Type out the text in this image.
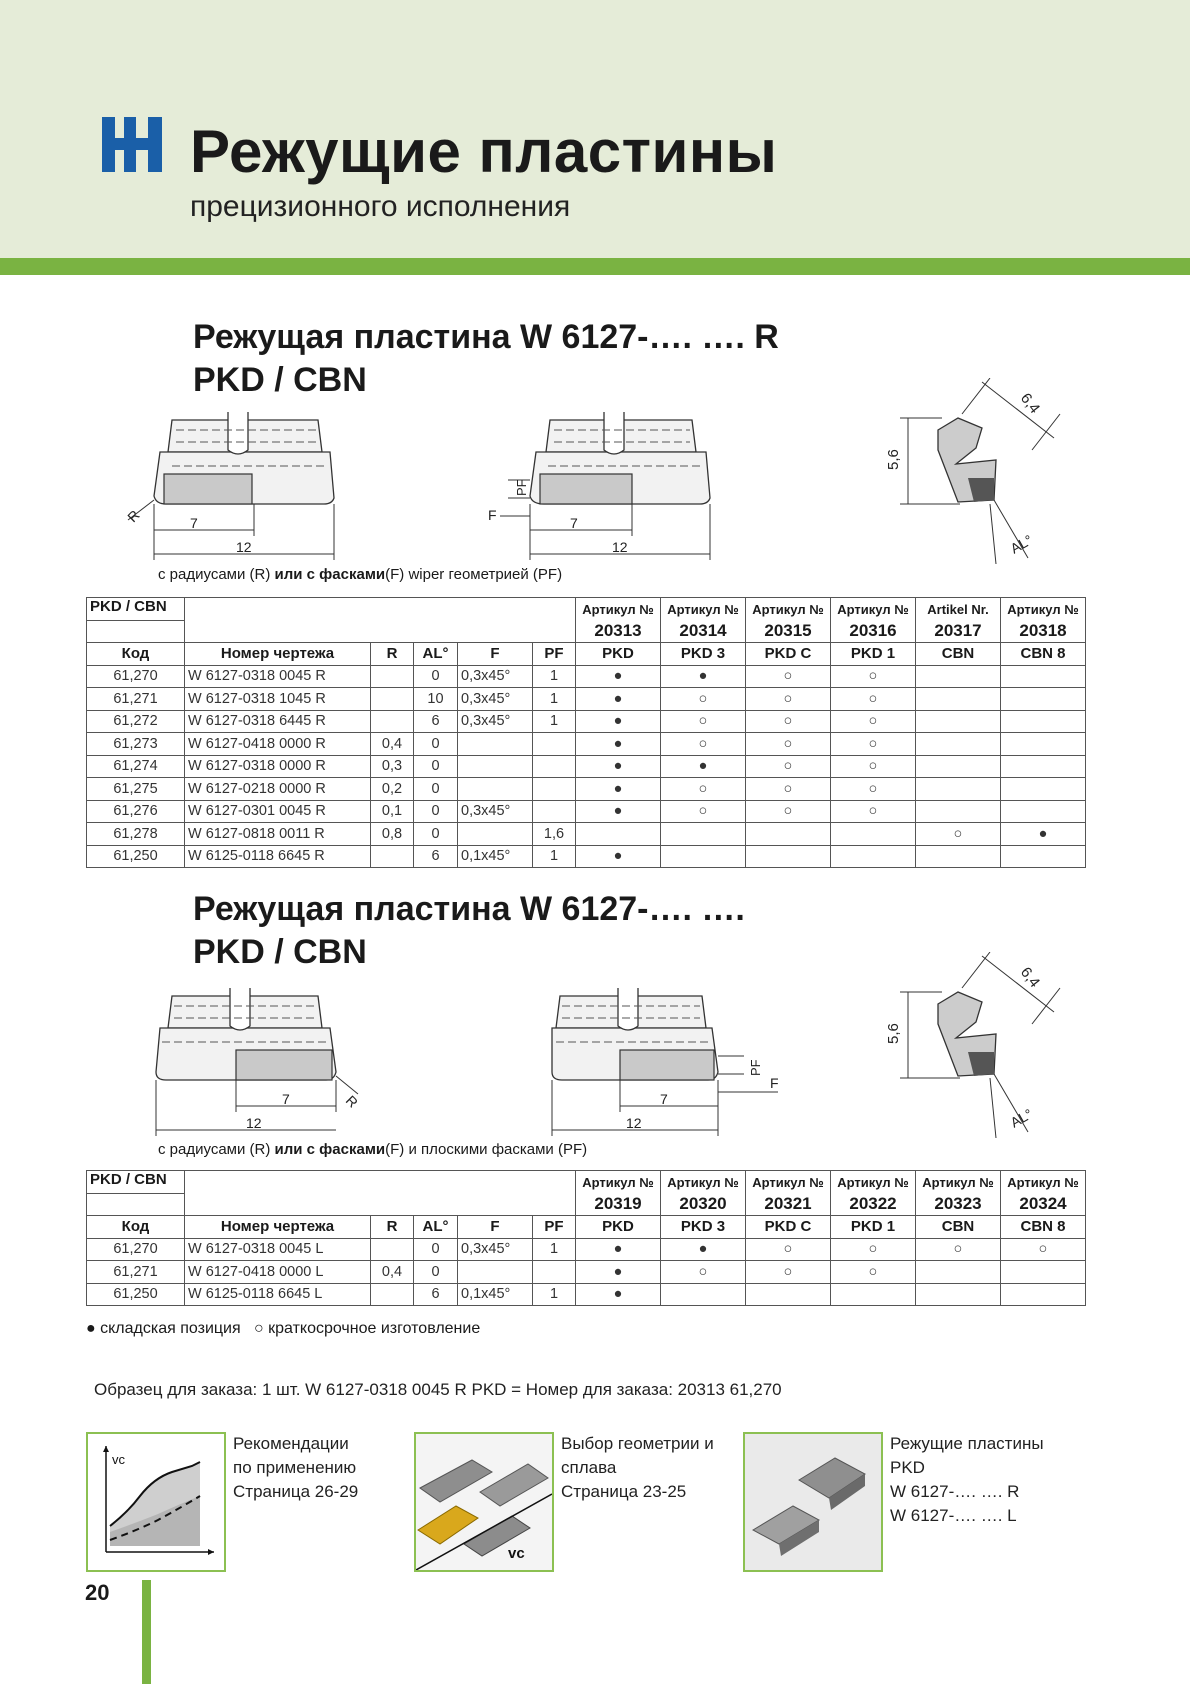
Режущие пластины
прецизионного исполнения
Режущая пластина W 6127-…. …. R
PKD / CBN
7
12
R	7
12
F
PF
5,6
6,4
AL°
с радиусами (R) или с фасками(F) wiper геометрией (PF)
PKD / CBN						Артикул №	Артикул №	Артикул №	Артикул №	Artikel Nr.	Артикул №
						20313	20314	20315	20316	20317	20318
Код	Номер чертежа	R	AL°	F	PF	PKD	PKD 3	PKD C	PKD 1	CBN	CBN 8
61,270	W 6127-0318 0045 R		0	0,3x45°	1	●	●	○	○		
61,271	W 6127-0318 1045 R		10	0,3x45°	1	●	○	○	○		
61,272	W 6127-0318 6445 R		6	0,3x45°	1	●	○	○	○		
61,273	W 6127-0418 0000 R	0,4	0			●	○	○	○		
61,274	W 6127-0318 0000 R	0,3	0			●	●	○	○		
61,275	W 6127-0218 0000 R	0,2	0			●	○	○	○		
61,276	W 6127-0301 0045 R	0,1	0	0,3x45°		●	○	○	○		
61,278	W 6127-0818 0011 R	0,8	0		1,6					○	●
61,250	W 6125-0118 6645 R		6	0,1x45°	1	●					
Режущая пластина W 6127-…. ….
PKD / CBN
7
12
R	7
12
F
PF
5,6
6,4
AL°
с радиусами (R) или с фасками(F) и плоскими фасками (PF)
PKD / CBN						Артикул №	Артикул №	Артикул №	Артикул №	Артикул №	Артикул №
						20319	20320	20321	20322	20323	20324
Код	Номер чертежа	R	AL°	F	PF	PKD	PKD 3	PKD C	PKD 1	CBN	CBN 8
61,270	W 6127-0318 0045 L		0	0,3x45°	1	●	●	○	○	○	○
61,271	W 6127-0418 0000 L	0,4	0			●	○	○	○		
61,250	W 6125-0118 6645 L		6	0,1x45°	1	●					
● складская позиция ○ краткосрочное изготовление
Образец для заказа: 1 шт. W 6127-0318 0045 R PKD = Номер для заказа: 20313 61,270
vc
Рекомендации
по применению
Страница 26-29
vc
Выбор геометрии и
сплава
Страница 23-25
Режущие пластины
PKD
W 6127-…. …. R
W 6127-…. …. L
20
